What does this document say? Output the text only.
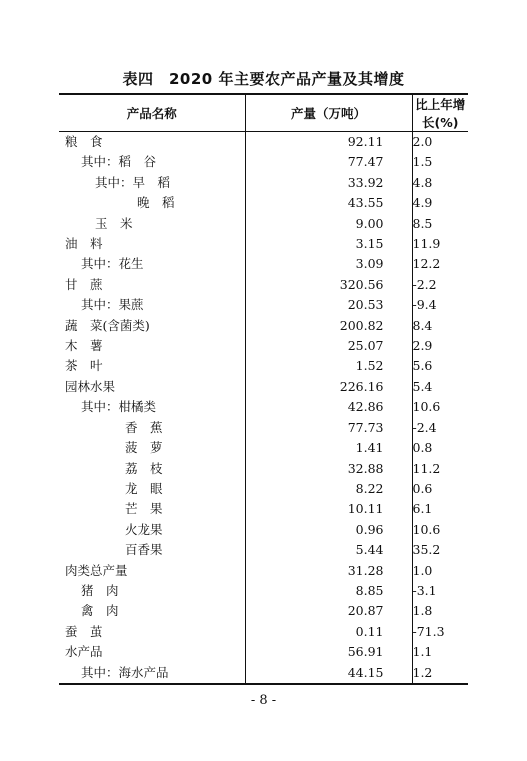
表四　2020 年主要农产品产量及其增度
产品名称	产量（万吨）	比上年增长(%)
粮　食	92.11	2.0
其中：稻　谷	77.47	1.5
其中：早　稻	33.92	4.8
晚　稻	43.55	4.9
玉　米	9.00	8.5
油　料	3.15	11.9
其中：花生	3.09	12.2
甘　蔗	320.56	-2.2
其中：果蔗	20.53	-9.4
蔬　菜(含菌类)	200.82	8.4
木　薯	25.07	2.9
茶　叶	1.52	5.6
园林水果	226.16	5.4
其中：柑橘类	42.86	10.6
香　蕉	77.73	-2.4
菠　萝	1.41	0.8
荔　枝	32.88	11.2
龙　眼	8.22	0.6
芒　果	10.11	6.1
火龙果	0.96	10.6
百香果	5.44	35.2
肉类总产量	31.28	1.0
猪　肉	8.85	-3.1
禽　肉	20.87	1.8
蚕　茧	0.11	-71.3
水产品	56.91	1.1
其中：海水产品	44.15	1.2
- 8 -
